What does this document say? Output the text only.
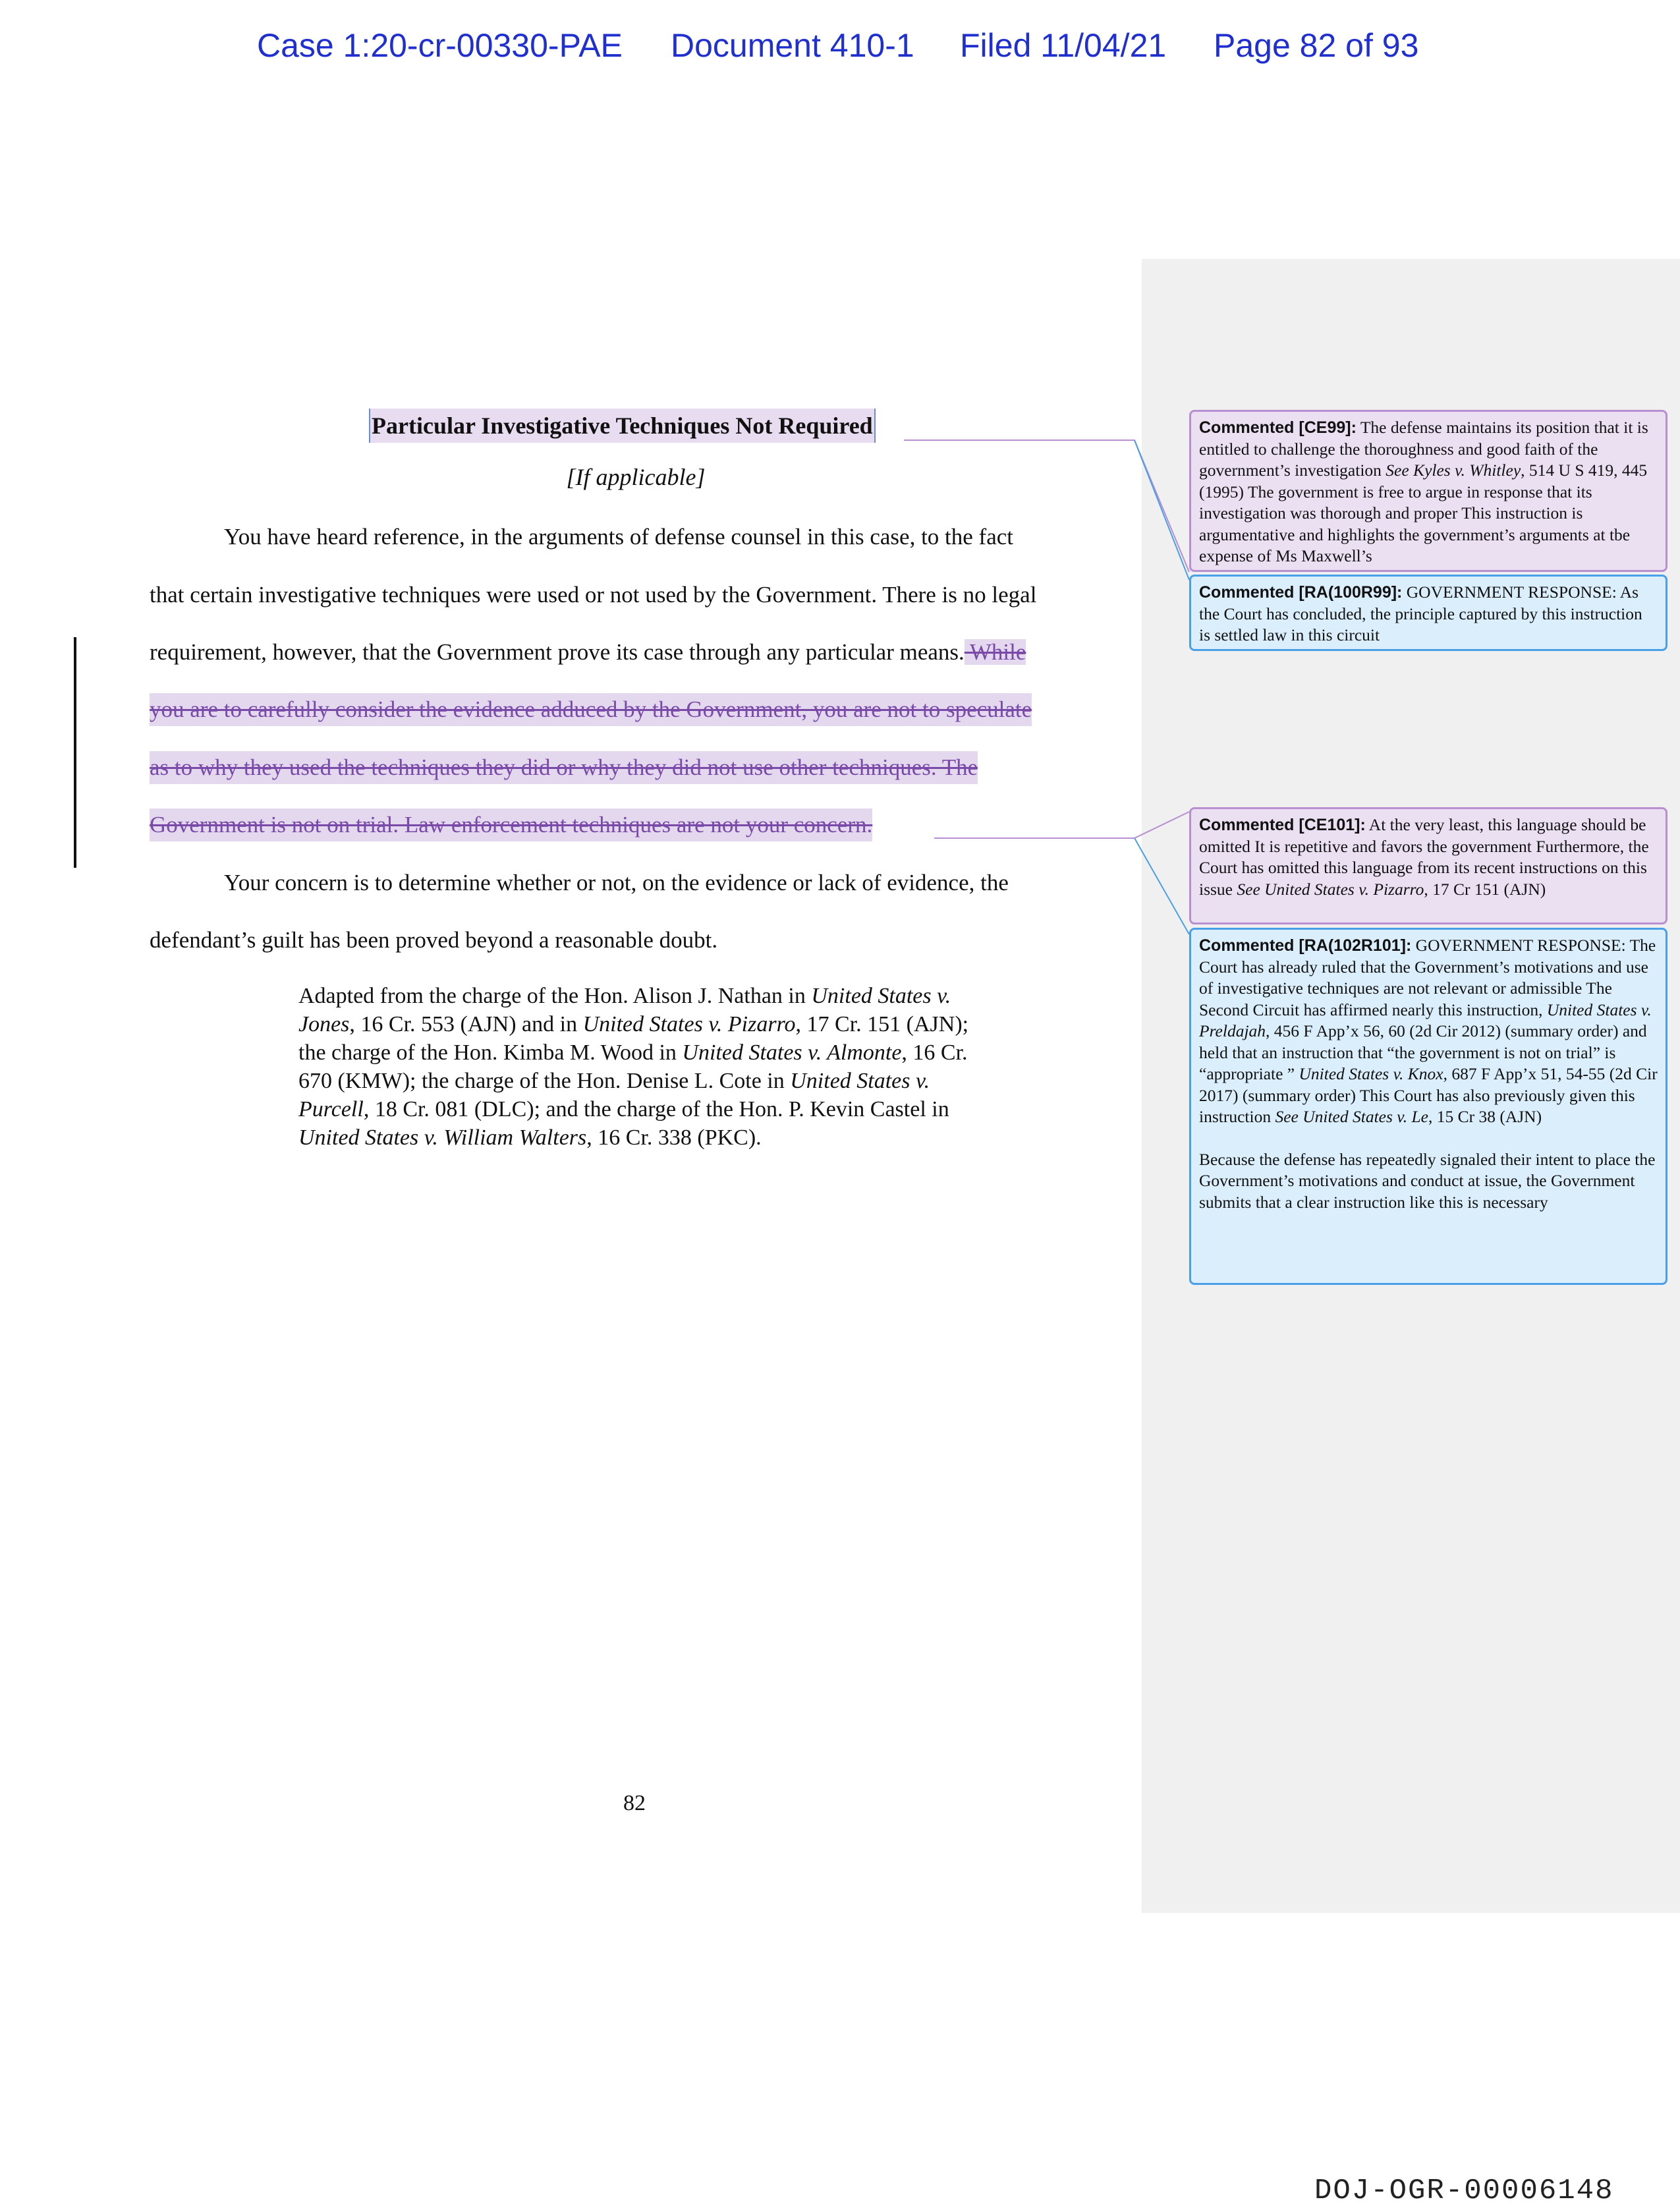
Case 1:20-cr-00330-PAE Document 410-1 Filed 11/04/21 Page 82 of 93
Particular Investigative Techniques Not Required
[If applicable]
You have heard reference, in the arguments of defense counsel in this case, to the fact
that certain investigative techniques were used or not used by the Government. There is no legal
requirement, however, that the Government prove its case through any particular means. While
you are to carefully consider the evidence adduced by the Government, you are not to speculate
as to why they used the techniques they did or why they did not use other techniques. The
Government is not on trial. Law enforcement techniques are not your concern.
Your concern is to determine whether or not, on the evidence or lack of evidence, the
defendant’s guilt has been proved beyond a reasonable doubt.
Adapted from the charge of the Hon. Alison J. Nathan in United States v. Jones, 16 Cr. 553 (AJN) and in United States v. Pizarro, 17 Cr. 151 (AJN); the charge of the Hon. Kimba M. Wood in United States v. Almonte, 16 Cr. 670 (KMW); the charge of the Hon. Denise L. Cote in United States v. Purcell, 18 Cr. 081 (DLC); and the charge of the Hon. P. Kevin Castel in United States v. William Walters, 16 Cr. 338 (PKC).
82
Commented [CE99]: The defense maintains its position that it is entitled to challenge the thoroughness and good faith of the government’s investigation See Kyles v. Whitley, 514 U S 419, 445 (1995) The government is free to argue in response that its investigation was thorough and proper This instruction is argumentative and highlights the government’s arguments at tbe expense of Ms Maxwell’s
Commented [RA(100R99]: GOVERNMENT RESPONSE: As the Court has concluded, the principle captured by this instruction is settled law in this circuit
Commented [CE101]: At the very least, this language should be omitted It is repetitive and favors the government Furthermore, the Court has omitted this language from its recent instructions on this issue See United States v. Pizarro, 17 Cr 151 (AJN)
Commented [RA(102R101]: GOVERNMENT RESPONSE: The Court has already ruled that the Government’s motivations and use of investigative techniques are not relevant or admissible The Second Circuit has affirmed nearly this instruction, United States v. Preldajah, 456 F App’x 56, 60 (2d Cir 2012) (summary order) and held that an instruction that “the government is not on trial” is “appropriate ” United States v. Knox, 687 F App’x 51, 54-55 (2d Cir 2017) (summary order) This Court has also previously given this instruction See United States v. Le, 15 Cr 38 (AJN)
Because the defense has repeatedly signaled their intent to place the Government’s motivations and conduct at issue, the Government submits that a clear instruction like this is necessary
DOJ-OGR-00006148
